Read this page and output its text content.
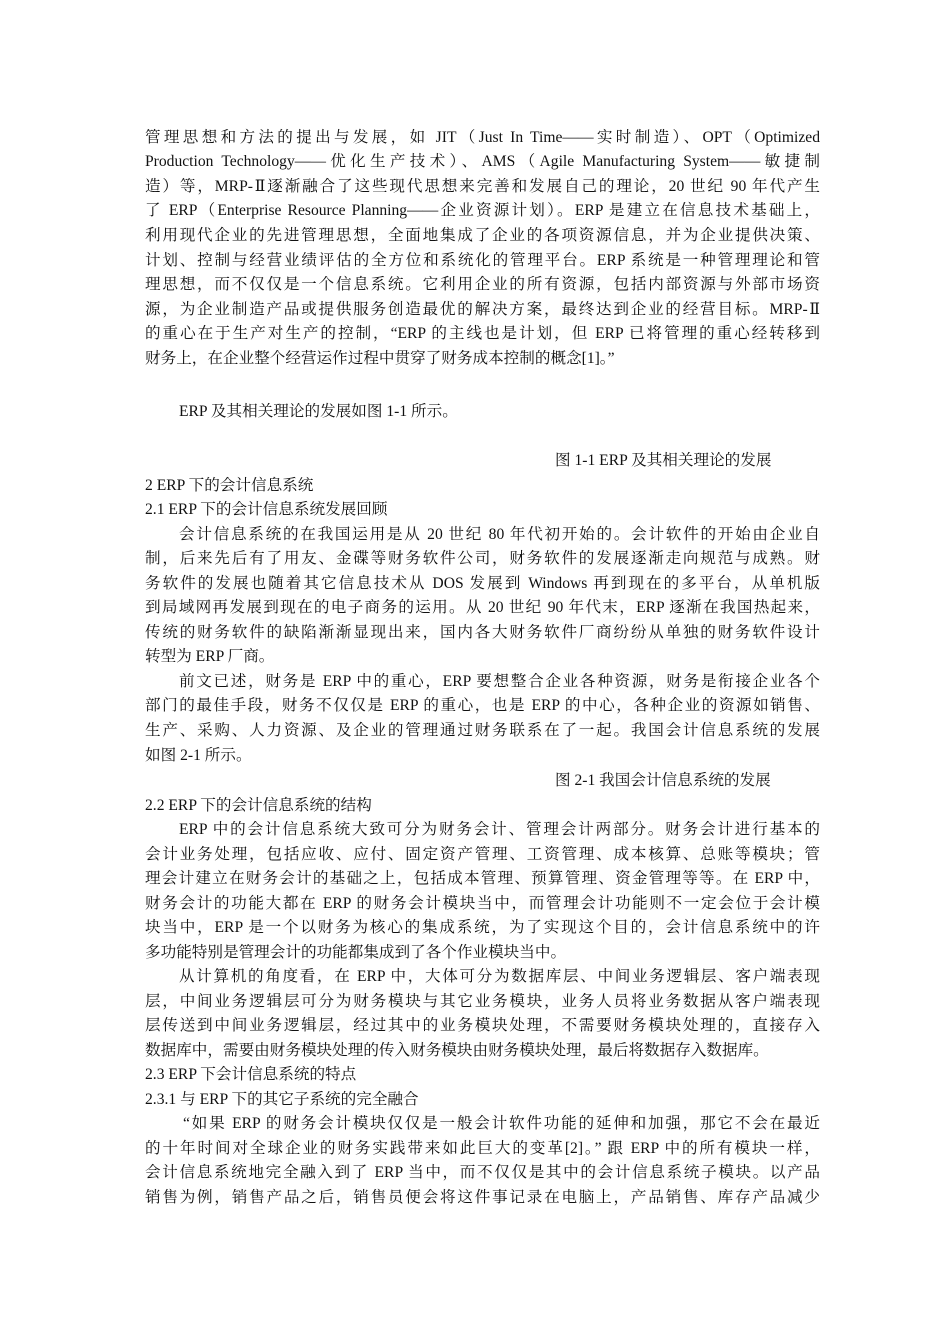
管理思想和方法的提出与发展，如 JIT（Just In Time——实时制造）、OPT（Optimized
Production Technology——优化生产技术）、AMS（Agile Manufacturing System——敏捷制
造）等，MRP-Ⅱ逐渐融合了这些现代思想来完善和发展自己的理论，20 世纪 90 年代产生
了 ERP（Enterprise Resource Planning——企业资源计划）。ERP 是建立在信息技术基础上，
利用现代企业的先进管理思想，全面地集成了企业的各项资源信息，并为企业提供决策、
计划、控制与经营业绩评估的全方位和系统化的管理平台。ERP 系统是一种管理理论和管
理思想，而不仅仅是一个信息系统。它利用企业的所有资源，包括内部资源与外部市场资
源，为企业制造产品或提供服务创造最优的解决方案，最终达到企业的经营目标。MRP-Ⅱ
的重心在于生产对生产的控制，“ERP 的主线也是计划，但 ERP 已将管理的重心经转移到
财务上，在企业整个经营运作过程中贯穿了财务成本控制的概念[1]。”
ERP 及其相关理论的发展如图 1-1 所示。
图 1-1 ERP 及其相关理论的发展
2 ERP 下的会计信息系统
2.1 ERP 下的会计信息系统发展回顾
会计信息系统的在我国运用是从 20 世纪 80 年代初开始的。会计软件的开始由企业自
制，后来先后有了用友、金碟等财务软件公司，财务软件的发展逐渐走向规范与成熟。财
务软件的发展也随着其它信息技术从 DOS 发展到 Windows 再到现在的多平台，从单机版
到局域网再发展到现在的电子商务的运用。从 20 世纪 90 年代末，ERP 逐渐在我国热起来，
传统的财务软件的缺陷渐渐显现出来，国内各大财务软件厂商纷纷从单独的财务软件设计
转型为 ERP 厂商。
前文已述，财务是 ERP 中的重心，ERP 要想整合企业各种资源，财务是衔接企业各个
部门的最佳手段，财务不仅仅是 ERP 的重心，也是 ERP 的中心，各种企业的资源如销售、
生产、采购、人力资源、及企业的管理通过财务联系在了一起。我国会计信息系统的发展
如图 2-1 所示。
图 2-1 我国会计信息系统的发展
2.2 ERP 下的会计信息系统的结构
ERP 中的会计信息系统大致可分为财务会计、管理会计两部分。财务会计进行基本的
会计业务处理，包括应收、应付、固定资产管理、工资管理、成本核算、总账等模块；管
理会计建立在财务会计的基础之上，包括成本管理、预算管理、资金管理等等。在 ERP 中，
财务会计的功能大都在 ERP 的财务会计模块当中，而管理会计功能则不一定会位于会计模
块当中，ERP 是一个以财务为核心的集成系统，为了实现这个目的，会计信息系统中的许
多功能特别是管理会计的功能都集成到了各个作业模块当中。
从计算机的角度看，在 ERP 中，大体可分为数据库层、中间业务逻辑层、客户端表现
层，中间业务逻辑层可分为财务模块与其它业务模块，业务人员将业务数据从客户端表现
层传送到中间业务逻辑层，经过其中的业务模块处理，不需要财务模块处理的，直接存入
数据库中，需要由财务模块处理的传入财务模块由财务模块处理，最后将数据存入数据库。
2.3 ERP 下会计信息系统的特点
2.3.1 与 ERP 下的其它子系统的完全融合
“如果 ERP 的财务会计模块仅仅是一般会计软件功能的延伸和加强，那它不会在最近
的十年时间对全球企业的财务实践带来如此巨大的变革[2]。” 跟 ERP 中的所有模块一样，
会计信息系统地完全融入到了 ERP 当中，而不仅仅是其中的会计信息系统子模块。以产品
销售为例，销售产品之后，销售员便会将这件事记录在电脑上，产品销售、库存产品减少
